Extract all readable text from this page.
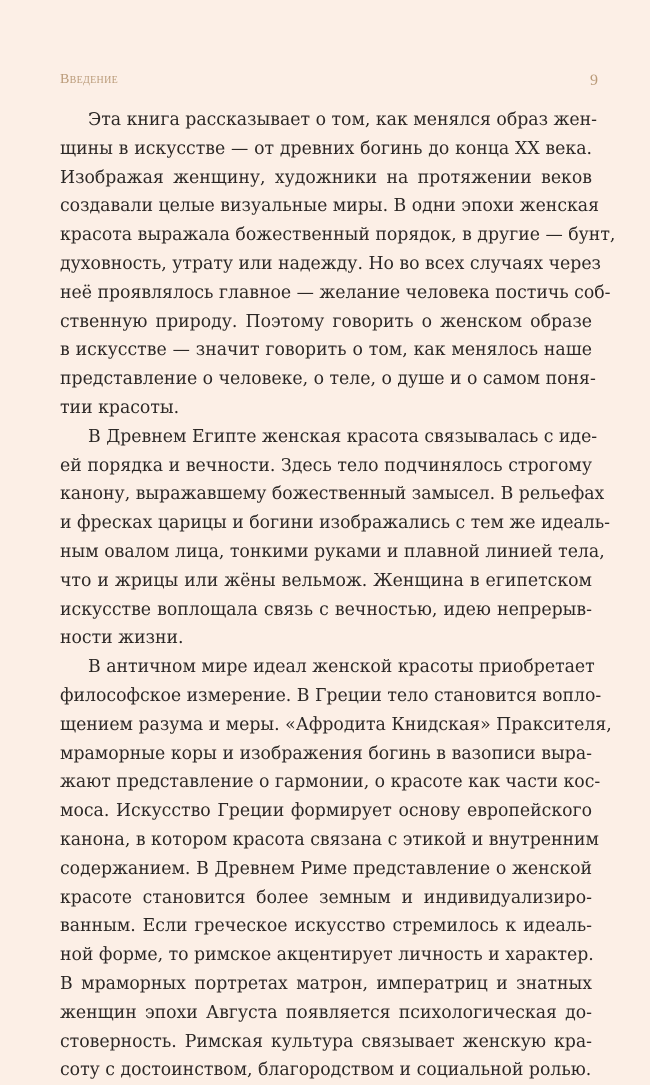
Введение	9
Эта книга рассказывает о том, как менялся образ жен-
щины в искусстве — от древних богинь до конца XX века.
Изображая женщину, художники на протяжении веков
создавали целые визуальные миры. В одни эпохи женская
красота выражала божественный порядок, в другие — бунт,
духовность, утрату или надежду. Но во всех случаях через
неё проявлялось главное — желание человека постичь соб-
ственную природу. Поэтому говорить о женском образе
в искусстве — значит говорить о том, как менялось наше
представление о человеке, о теле, о душе и о самом поня-
тии красоты.
В Древнем Египте женская красота связывалась с иде-
ей порядка и вечности. Здесь тело подчинялось строгому
канону, выражавшему божественный замысел. В рельефах
и фресках царицы и богини изображались с тем же идеаль-
ным овалом лица, тонкими руками и плавной линией тела,
что и жрицы или жёны вельмож. Женщина в египетском
искусстве воплощала связь с вечностью, идею непрерыв-
ности жизни.
В античном мире идеал женской красоты приобретает
философское измерение. В Греции тело становится вопло-
щением разума и меры. «Афродита Книдская» Праксителя,
мраморные коры и изображения богинь в вазописи выра-
жают представление о гармонии, о красоте как части кос-
моса. Искусство Греции формирует основу европейского
канона, в котором красота связана с этикой и внутренним
содержанием. В Древнем Риме представление о женской
красоте становится более земным и индивидуализиро-
ванным. Если греческое искусство стремилось к идеаль-
ной форме, то римское акцентирует личность и характер.
В мраморных портретах матрон, императриц и знатных
женщин эпохи Августа появляется психологическая до-
стоверность. Римская культура связывает женскую кра-
соту с достоинством, благородством и социальной ролью.
